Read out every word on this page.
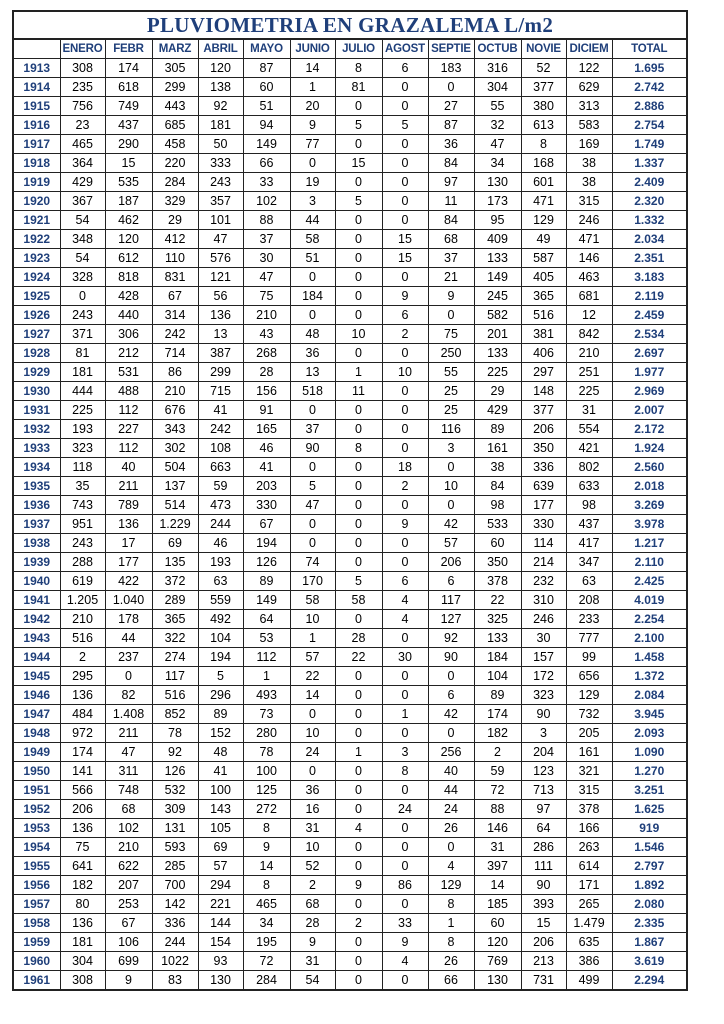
PLUVIOMETRIA EN GRAZALEMA L/m2
	ENERO	FEBR	MARZ	ABRIL	MAYO	JUNIO	JULIO	AGOST	SEPTIE	OCTUB	NOVIE	DICIEM	TOTAL
1913	308	174	305	120	87	14	8	6	183	316	52	122	1.695
1914	235	618	299	138	60	1	81	0	0	304	377	629	2.742
1915	756	749	443	92	51	20	0	0	27	55	380	313	2.886
1916	23	437	685	181	94	9	5	5	87	32	613	583	2.754
1917	465	290	458	50	149	77	0	0	36	47	8	169	1.749
1918	364	15	220	333	66	0	15	0	84	34	168	38	1.337
1919	429	535	284	243	33	19	0	0	97	130	601	38	2.409
1920	367	187	329	357	102	3	5	0	11	173	471	315	2.320
1921	54	462	29	101	88	44	0	0	84	95	129	246	1.332
1922	348	120	412	47	37	58	0	15	68	409	49	471	2.034
1923	54	612	110	576	30	51	0	15	37	133	587	146	2.351
1924	328	818	831	121	47	0	0	0	21	149	405	463	3.183
1925	0	428	67	56	75	184	0	9	9	245	365	681	2.119
1926	243	440	314	136	210	0	0	6	0	582	516	12	2.459
1927	371	306	242	13	43	48	10	2	75	201	381	842	2.534
1928	81	212	714	387	268	36	0	0	250	133	406	210	2.697
1929	181	531	86	299	28	13	1	10	55	225	297	251	1.977
1930	444	488	210	715	156	518	11	0	25	29	148	225	2.969
1931	225	112	676	41	91	0	0	0	25	429	377	31	2.007
1932	193	227	343	242	165	37	0	0	116	89	206	554	2.172
1933	323	112	302	108	46	90	8	0	3	161	350	421	1.924
1934	118	40	504	663	41	0	0	18	0	38	336	802	2.560
1935	35	211	137	59	203	5	0	2	10	84	639	633	2.018
1936	743	789	514	473	330	47	0	0	0	98	177	98	3.269
1937	951	136	1.229	244	67	0	0	9	42	533	330	437	3.978
1938	243	17	69	46	194	0	0	0	57	60	114	417	1.217
1939	288	177	135	193	126	74	0	0	206	350	214	347	2.110
1940	619	422	372	63	89	170	5	6	6	378	232	63	2.425
1941	1.205	1.040	289	559	149	58	58	4	117	22	310	208	4.019
1942	210	178	365	492	64	10	0	4	127	325	246	233	2.254
1943	516	44	322	104	53	1	28	0	92	133	30	777	2.100
1944	2	237	274	194	112	57	22	30	90	184	157	99	1.458
1945	295	0	117	5	1	22	0	0	0	104	172	656	1.372
1946	136	82	516	296	493	14	0	0	6	89	323	129	2.084
1947	484	1.408	852	89	73	0	0	1	42	174	90	732	3.945
1948	972	211	78	152	280	10	0	0	0	182	3	205	2.093
1949	174	47	92	48	78	24	1	3	256	2	204	161	1.090
1950	141	311	126	41	100	0	0	8	40	59	123	321	1.270
1951	566	748	532	100	125	36	0	0	44	72	713	315	3.251
1952	206	68	309	143	272	16	0	24	24	88	97	378	1.625
1953	136	102	131	105	8	31	4	0	26	146	64	166	919
1954	75	210	593	69	9	10	0	0	0	31	286	263	1.546
1955	641	622	285	57	14	52	0	0	4	397	111	614	2.797
1956	182	207	700	294	8	2	9	86	129	14	90	171	1.892
1957	80	253	142	221	465	68	0	0	8	185	393	265	2.080
1958	136	67	336	144	34	28	2	33	1	60	15	1.479	2.335
1959	181	106	244	154	195	9	0	9	8	120	206	635	1.867
1960	304	699	1022	93	72	31	0	4	26	769	213	386	3.619
1961	308	9	83	130	284	54	0	0	66	130	731	499	2.294
